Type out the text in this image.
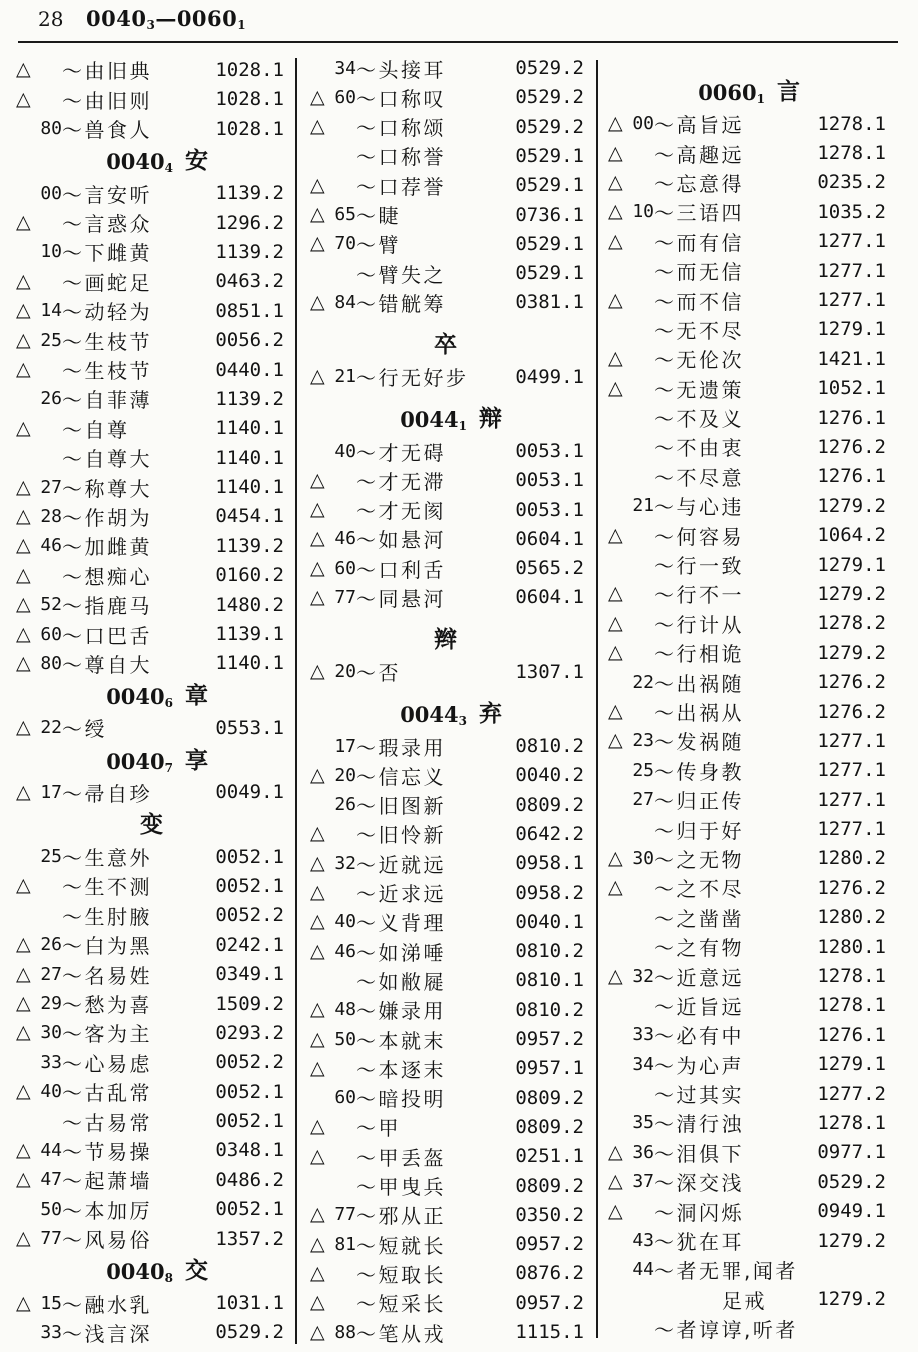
28 $0040_3—0060_1$
△	～由旧典	1028.1
△	～由旧则	1028.1
80 ～兽食人	1028.1
$0040_4$ 安
00 ～言安听	1139.2
△	～言惑众	1296.2
10 ～下雌黄	1139.2
△	～画蛇足	0463.2
△ 14 ～动轻为	0851.1
△ 25 ～生枝节	0056.2
△	～生枝节	0440.1
26 ～自菲薄	1139.2
△	～自尊	1140.1
～自尊大	1140.1
△ 27 ～称尊大	1140.1
△ 28 ～作胡为	0454.1
△ 46 ～加雌黄	1139.2
△	～想痴心	0160.2
△ 52 ～指鹿马	1480.2
△ 60 ～口巴舌	1139.1
△ 80 ～尊自大	1140.1
$0040_6$ 章
△ 22 ～绶	0553.1
$0040_7$ 享
△ 17 ～帚自珍	0049.1
变
25 ～生意外	0052.1
△	～生不测	0052.1
～生肘腋	0052.2
△ 26 ～白为黑	0242.1
△ 27 ～名易姓	0349.1
△ 29 ～愁为喜	1509.2
△ 30 ～客为主	0293.2
33 ～心易虑	0052.2
△ 40 ～古乱常	0052.1
～古易常	0052.1
△ 44 ～节易操	0348.1
△ 47 ～起萧墙	0486.2
50 ～本加厉	0052.1
△ 77 ～风易俗	1357.2
$0040_8$ 交
△ 15 ～融水乳	1031.1
33 ～浅言深	0529.2
34 ～头接耳	0529.2
△ 60 ～口称叹	0529.2
△	～口称颂	0529.2
～口称誉	0529.1
△	～口荐誉	0529.1
△ 65 ～睫	0736.1
△ 70 ～臂	0529.1
～臂失之	0529.1
△ 84 ～错觥筹	0381.1
卒
△ 21 ～行无好步	0499.1
$0044_1$ 辩
40 ～才无碍	0053.1
△	～才无滞	0053.1
△	～才无阂	0053.1
△ 46 ～如悬河	0604.1
△ 60 ～口利舌	0565.2
△ 77 ～同悬河	0604.1
辫
△ 20 ～否	1307.1
$0044_3$ 弃
17 ～瑕录用	0810.2
△ 20 ～信忘义	0040.2
26 ～旧图新	0809.2
△	～旧怜新	0642.2
△ 32 ～近就远	0958.1
△	～近求远	0958.2
△ 40 ～义背理	0040.1
△ 46 ～如涕唾	0810.2
～如敝屣	0810.1
△ 48 ～嫌录用	0810.2
△ 50 ～本就末	0957.2
△	～本逐末	0957.1
60 ～暗投明	0809.2
△	～甲	0809.2
△	～甲丢盔	0251.1
～甲曳兵	0809.2
△ 77 ～邪从正	0350.2
△ 81 ～短就长	0957.2
△	～短取长	0876.2
△	～短采长	0957.2
△ 88 ～笔从戎	1115.1
$0060_1$ 言
△ 00 ～高旨远	1278.1
△	～高趣远	1278.1
△	～忘意得	0235.2
△ 10 ～三语四	1035.2
△	～而有信	1277.1
～而无信	1277.1
△	～而不信	1277.1
～无不尽	1279.1
△	～无伦次	1421.1
△	～无遗策	1052.1
～不及义	1276.1
～不由衷	1276.2
～不尽意	1276.1
21 ～与心违	1279.2
△	～何容易	1064.2
～行一致	1279.1
△	～行不一	1279.2
△	～行计从	1278.2
△	～行相诡	1279.2
22 ～出祸随	1276.2
△	～出祸从	1276.2
△ 23 ～发祸随	1277.1
25 ～传身教	1277.1
27 ～归正传	1277.1
～归于好	1277.1
△ 30 ～之无物	1280.2
△	～之不尽	1276.2
～之凿凿	1280.2
～之有物	1280.1
△ 32 ～近意远	1278.1
～近旨远	1278.1
33 ～必有中	1276.1
34 ～为心声	1279.1
～过其实	1277.2
35 ～清行浊	1278.1
△ 36 ～泪俱下	0977.1
△ 37 ～深交浅	0529.2
△	～洞闪烁	0949.1
43 ～犹在耳	1279.2
44 ～者无罪,闻者
足戒	1279.2
～者谆谆,听者
